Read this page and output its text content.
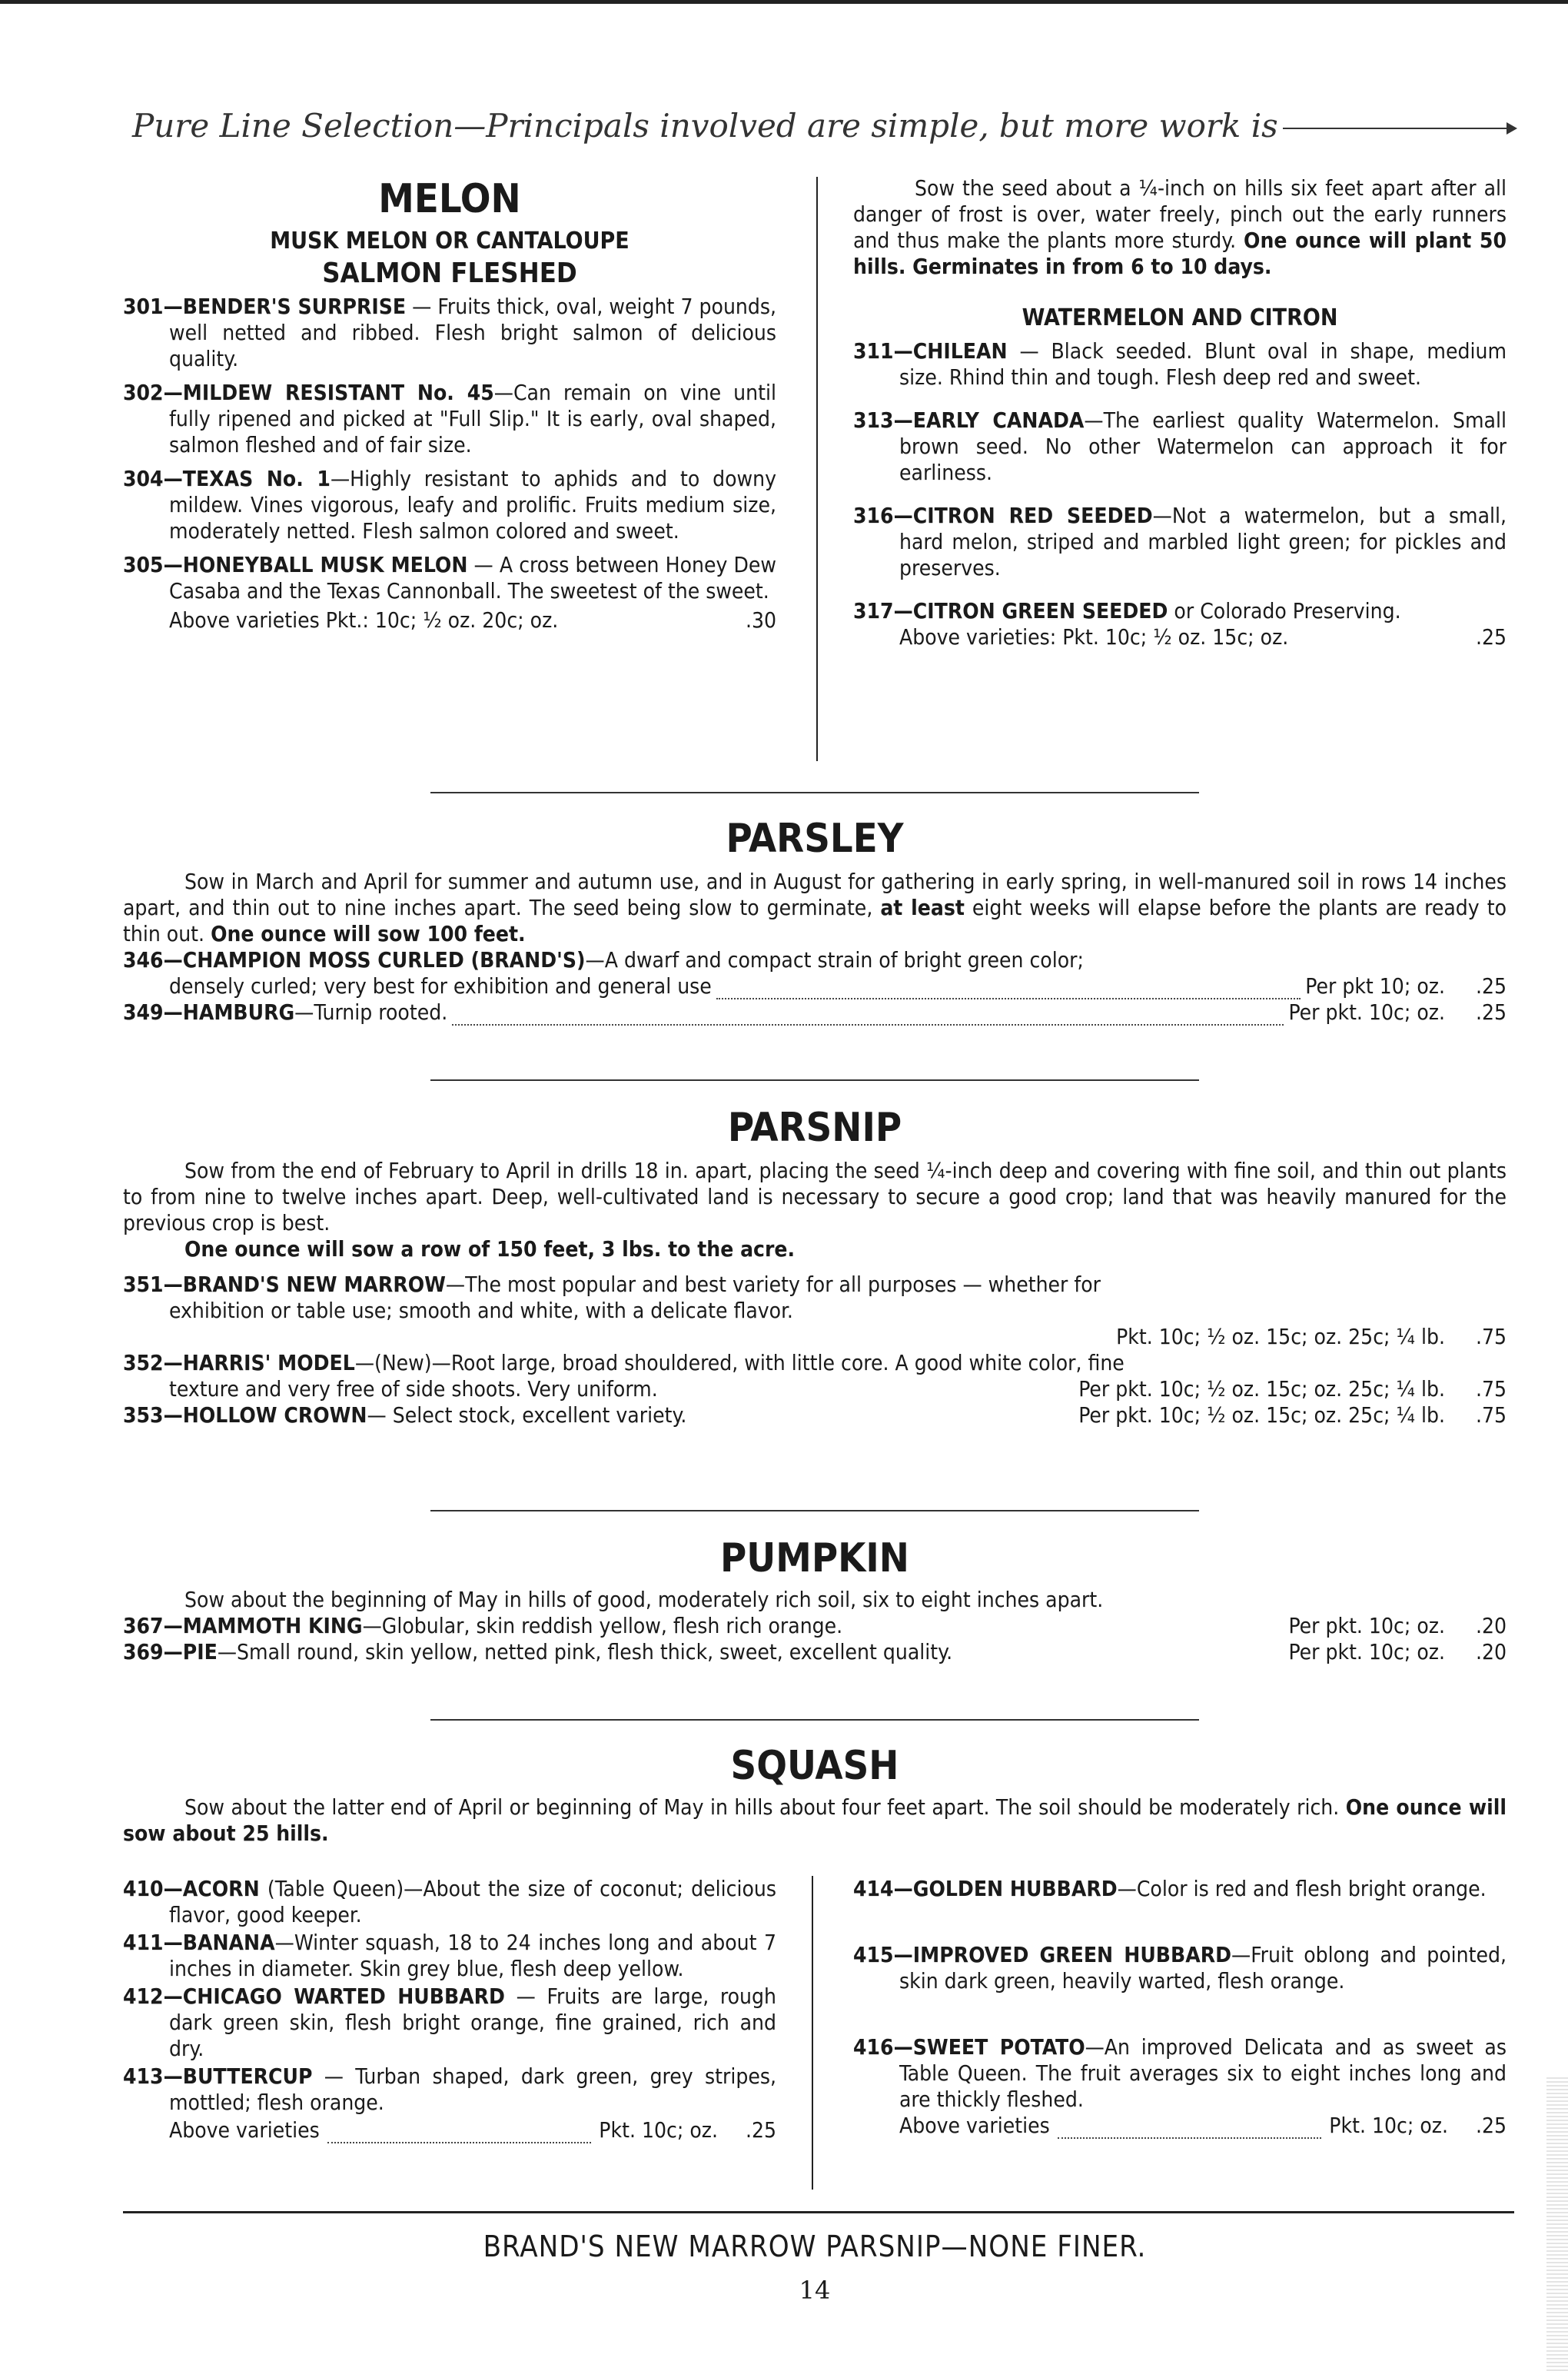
Pure Line Selection—Principals involved are simple, but more work is
MELON
MUSK MELON OR CANTALOUPE
SALMON FLESHED
301—BENDER'S SURPRISE — Fruits thick, oval, weight 7 pounds, well netted and ribbed. Flesh bright salmon of delicious quality.
302—MILDEW RESISTANT No. 45—Can remain on vine until fully ripened and picked at "Full Slip." It is early, oval shaped, salmon fleshed and of fair size.
304—TEXAS No. 1—Highly resistant to aphids and to downy mildew. Vines vigorous, leafy and prolific. Fruits medium size, moderately netted. Flesh salmon colored and sweet.
305—HONEYBALL MUSK MELON — A cross between Honey Dew Casaba and the Texas Cannonball. The sweetest of the sweet.
Above varieties Pkt.: 10c; ½ oz. 20c; oz.	.30
Sow the seed about a ¼-inch on hills six feet apart after all danger of frost is over, water freely, pinch out the early runners and thus make the plants more sturdy. One ounce will plant 50 hills. Germinates in from 6 to 10 days.
WATERMELON AND CITRON
311—CHILEAN — Black seeded. Blunt oval in shape, medium size. Rhind thin and tough. Flesh deep red and sweet.
313—EARLY CANADA—The earliest quality Watermelon. Small brown seed. No other Watermelon can approach it for earliness.
316—CITRON RED SEEDED—Not a watermelon, but a small, hard melon, striped and marbled light green; for pickles and preserves.
317—CITRON GREEN SEEDED or Colorado Preserving.
Above varieties: Pkt. 10c; ½ oz. 15c; oz.	.25
PARSLEY
Sow in March and April for summer and autumn use, and in August for gathering in early spring, in well-manured soil in rows 14 inches apart, and thin out to nine inches apart. The seed being slow to germinate, at least eight weeks will elapse before the plants are ready to thin out. One ounce will sow 100 feet.
346—CHAMPION MOSS CURLED (BRAND'S)—A dwarf and compact strain of bright green color;
densely curled; very best for exhibition and general use	Per pkt 10; oz. .25
349—HAMBURG—Turnip rooted.	Per pkt. 10c; oz. .25
PARSNIP
Sow from the end of February to April in drills 18 in. apart, placing the seed ¼-inch deep and covering with fine soil, and thin out plants to from nine to twelve inches apart. Deep, well-cultivated land is necessary to secure a good crop; land that was heavily manured for the previous crop is best.
One ounce will sow a row of 150 feet, 3 lbs. to the acre.
351—BRAND'S NEW MARROW—The most popular and best variety for all purposes — whether for
exhibition or table use; smooth and white, with a delicate flavor.
Pkt. 10c; ½ oz. 15c; oz. 25c; ¼ lb. .75
352—HARRIS' MODEL—(New)—Root large, broad shouldered, with little core. A good white color, fine
texture and very free of side shoots. Very uniform.	Per pkt. 10c; ½ oz. 15c; oz. 25c; ¼ lb. .75
353—HOLLOW CROWN— Select stock, excellent variety.	Per pkt. 10c; ½ oz. 15c; oz. 25c; ¼ lb. .75
PUMPKIN
Sow about the beginning of May in hills of good, moderately rich soil, six to eight inches apart.
367—MAMMOTH KING—Globular, skin reddish yellow, flesh rich orange.	Per pkt. 10c; oz. .20
369—PIE—Small round, skin yellow, netted pink, flesh thick, sweet, excellent quality.	Per pkt. 10c; oz. .20
SQUASH
Sow about the latter end of April or beginning of May in hills about four feet apart. The soil should be moderately rich. One ounce will sow about 25 hills.
410—ACORN (Table Queen)—About the size of coconut; delicious flavor, good keeper.
411—BANANA—Winter squash, 18 to 24 inches long and about 7 inches in diameter. Skin grey blue, flesh deep yellow.
412—CHICAGO WARTED HUBBARD — Fruits are large, rough dark green skin, flesh bright orange, fine grained, rich and dry.
413—BUTTERCUP — Turban shaped, dark green, grey stripes, mottled; flesh orange.
Above varieties	Pkt. 10c; oz. .25
414—GOLDEN HUBBARD—Color is red and flesh bright orange.
415—IMPROVED GREEN HUBBARD—Fruit oblong and pointed, skin dark green, heavily warted, flesh orange.
416—SWEET POTATO—An improved Delicata and as sweet as Table Queen. The fruit averages six to eight inches long and are thickly fleshed.
Above varieties	Pkt. 10c; oz. .25
BRAND'S NEW MARROW PARSNIP—NONE FINER.
14
